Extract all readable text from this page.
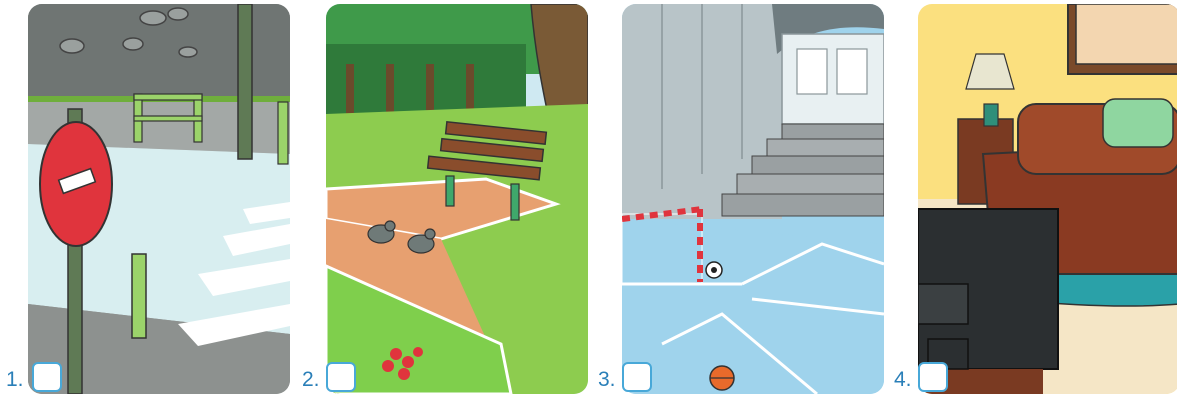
1.	2.	3.	4.
